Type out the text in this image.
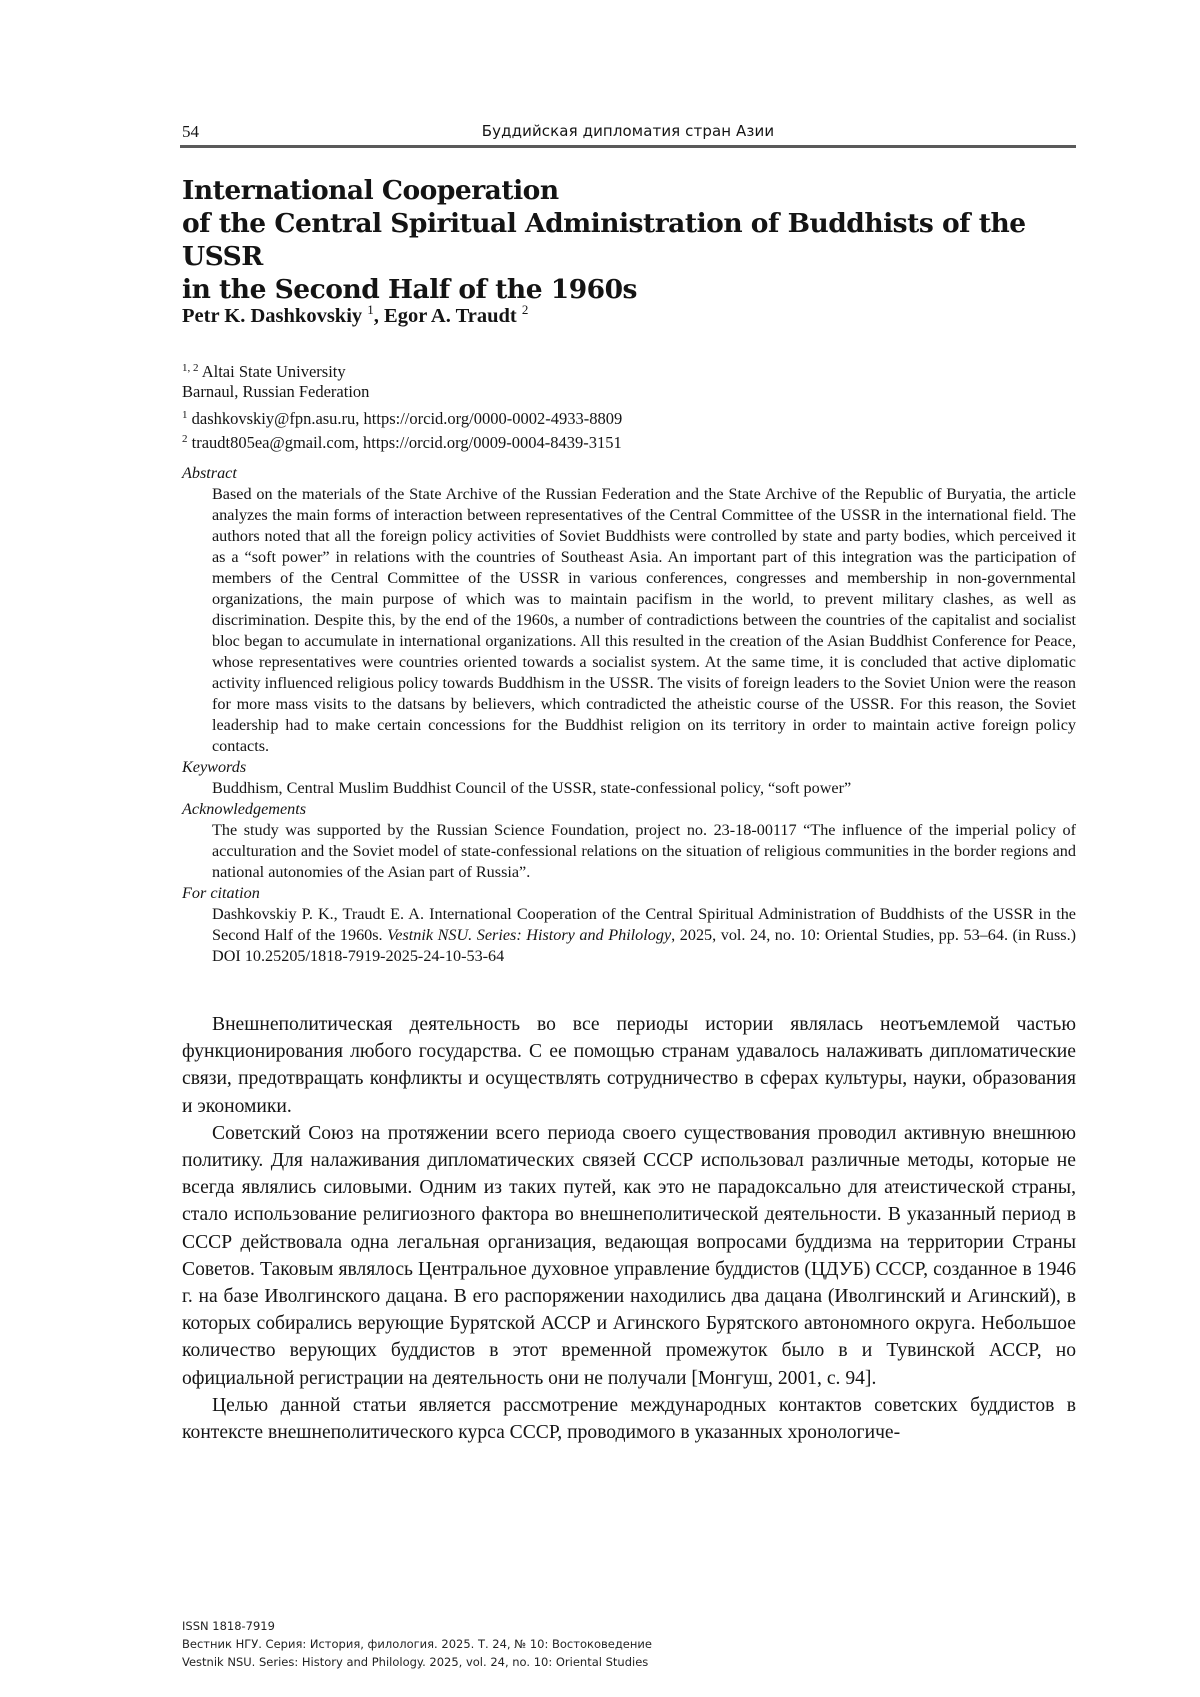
54	Буддийская дипломатия стран Азии
International Cooperation
of the Central Spiritual Administration of Buddhists of the USSR
in the Second Half of the 1960s
Petr K. Dashkovskiy $^1$, Egor A. Traudt $^2$
$^{1, 2}$ Altai State University
Barnaul, Russian Federation
$^1$ dashkovskiy@fpn.asu.ru, https://orcid.org/0000-0002-4933-8809
$^2$ traudt805ea@gmail.com, https://orcid.org/0009-0004-8439-3151

Abstract

Based on the materials of the State Archive of the Russian Federation and the State Archive of the Republic of Buryatia, the article analyzes the main forms of interaction between representatives of the Central Committee of the USSR in the international field. The authors noted that all the foreign policy activities of Soviet Buddhists were controlled by state and party bodies, which perceived it as a “soft power” in relations with the countries of Southeast Asia. An important part of this integration was the participation of members of the Central Committee of the USSR in various conferences, congresses and membership in non-governmental organizations, the main purpose of which was to maintain pacifism in the world, to prevent military clashes, as well as discrimination. Despite this, by the end of the 1960s, a number of contradictions between the countries of the capitalist and socialist bloc began to accumulate in international organizations. All this resulted in the creation of the Asian Buddhist Conference for Peace, whose representatives were countries oriented towards a socialist system. At the same time, it is concluded that active diplomatic activity influenced religious policy towards Buddhism in the USSR. The visits of foreign leaders to the Soviet Union were the reason for more mass visits to the datsans by believers, which contradicted the atheistic course of the USSR. For this reason, the Soviet leadership had to make certain concessions for the Buddhist religion on its territory in order to maintain active foreign policy contacts.

Keywords

Buddhism, Central Muslim Buddhist Council of the USSR, state-confessional policy, “soft power”

Acknowledgements

The study was supported by the Russian Science Foundation, project no. 23-18-00117 “The influence of the imperial policy of acculturation and the Soviet model of state-confessional relations on the situation of religious communities in the border regions and national autonomies of the Asian part of Russia”.

For citation

Dashkovskiy P. K., Traudt E. A. International Cooperation of the Central Spiritual Administration of Buddhists of the USSR in the Second Half of the 1960s. Vestnik NSU. Series: History and Philology, 2025, vol. 24, no. 10: Oriental Studies, pp. 53–64. (in Russ.) DOI 10.25205/1818-7919-2025-24-10-53-64

Внешнеполитическая деятельность во все периоды истории являлась неотъемлемой частью функционирования любого государства. С ее помощью странам удавалось налаживать дипломатические связи, предотвращать конфликты и осуществлять сотрудничество в сферах культуры, науки, образования и экономики.

Советский Союз на протяжении всего периода своего существования проводил активную внешнюю политику. Для налаживания дипломатических связей СССР использовал различные методы, которые не всегда являлись силовыми. Одним из таких путей, как это не парадоксально для атеистической страны, стало использование религиозного фактора во внешнеполитической деятельности. В указанный период в СССР действовала одна легальная организация, ведающая вопросами буддизма на территории Страны Советов. Таковым являлось Центральное духовное управление буддистов (ЦДУБ) СССР, созданное в 1946 г. на базе Иволгинского дацана. В его распоряжении находились два дацана (Иволгинский и Агинский), в которых собирались верующие Бурятской АССР и Агинского Бурятского автономного округа. Небольшое количество верующих буддистов в этот временной промежуток было в и Тувинской АССР, но официальной регистрации на деятельность они не получали [Монгуш, 2001, с. 94].

Целью данной статьи является рассмотрение международных контактов советских буддистов в контексте внешнеполитического курса СССР, проводимого в указанных хронологиче-

ISSN 1818-7919
Вестник НГУ. Серия: История, филология. 2025. Т. 24, № 10: Востоковедение
Vestnik NSU. Series: History and Philology. 2025, vol. 24, no. 10: Oriental Studies
